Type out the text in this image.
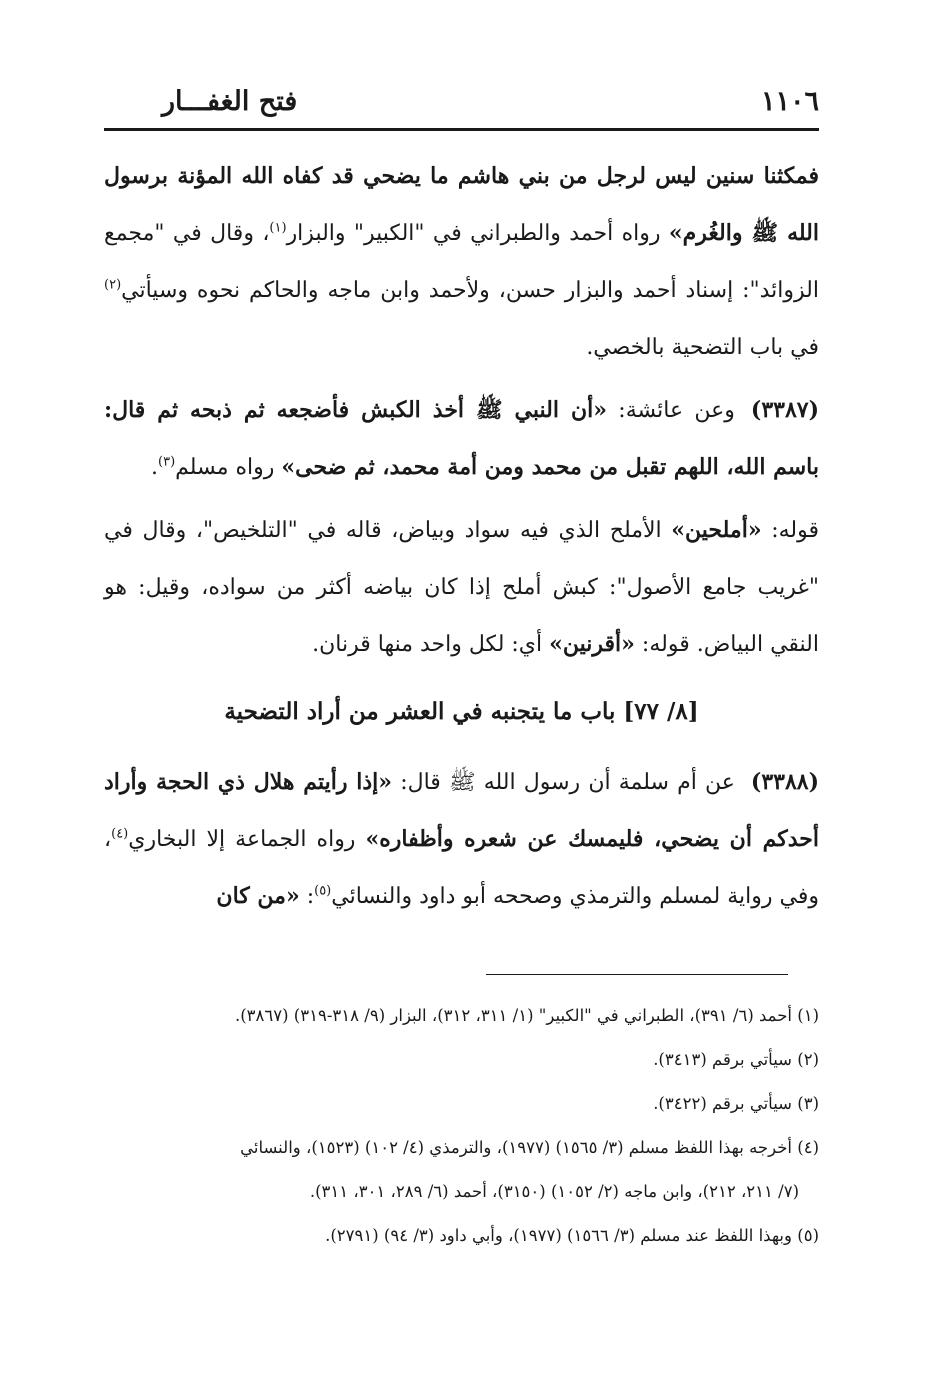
١١٠٦
فتح الغفـــار

فمكثنا سنين ليس لرجل من بني هاشم ما يضحي قد كفاه الله المؤنة برسول الله ﷺ والغُرم» رواه أحمد والطبراني في "الكبير" والبزار$^{(١)}$، وقال في "مجمع الزوائد": إسناد أحمد والبزار حسن، ولأحمد وابن ماجه والحاكم نحوه وسيأتي$^{(٢)}$ في باب التضحية بالخصي.

(٣٣٨٧)وعن عائشة: «أن النبي ﷺ أخذ الكبش فأضجعه ثم ذبحه ثم قال: باسم الله، اللهم تقبل من محمد ومن أمة محمد، ثم ضحى» رواه مسلم$^{(٣)}$.

قوله: «أملحين» الأملح الذي فيه سواد وبياض، قاله في "التلخيص"، وقال في "غريب جامع الأصول": كبش أملح إذا كان بياضه أكثر من سواده، وقيل: هو النقي البياض. قوله: «أقرنين» أي: لكل واحد منها قرنان.

[٨/ ٧٧] باب ما يتجنبه في العشر من أراد التضحية

(٣٣٨٨)عن أم سلمة أن رسول الله ﷺ قال: «إذا رأيتم هلال ذي الحجة وأراد أحدكم أن يضحي، فليمسك عن شعره وأظفاره» رواه الجماعة إلا البخاري$^{(٤)}$، وفي رواية لمسلم والترمذي وصححه أبو داود والنسائي$^{(٥)}$: «من كان

(١) أحمد (٦/ ٣٩١)، الطبراني في "الكبير" (١/ ٣١١، ٣١٢)، البزار (٩/ ٣١٨-٣١٩) (٣٨٦٧).

(٢) سيأتي برقم (٣٤١٣).

(٣) سيأتي برقم (٣٤٢٢).

(٤) أخرجه بهذا اللفظ مسلم (٣/ ١٥٦٥) (١٩٧٧)، والترمذي (٤/ ١٠٢) (١٥٢٣)، والنسائي

(٧/ ٢١١، ٢١٢)، وابن ماجه (٢/ ١٠٥٢) (٣١٥٠)، أحمد (٦/ ٢٨٩، ٣٠١، ٣١١).

(٥) وبهذا اللفظ عند مسلم (٣/ ١٥٦٦) (١٩٧٧)، وأبي داود (٣/ ٩٤) (٢٧٩١).
